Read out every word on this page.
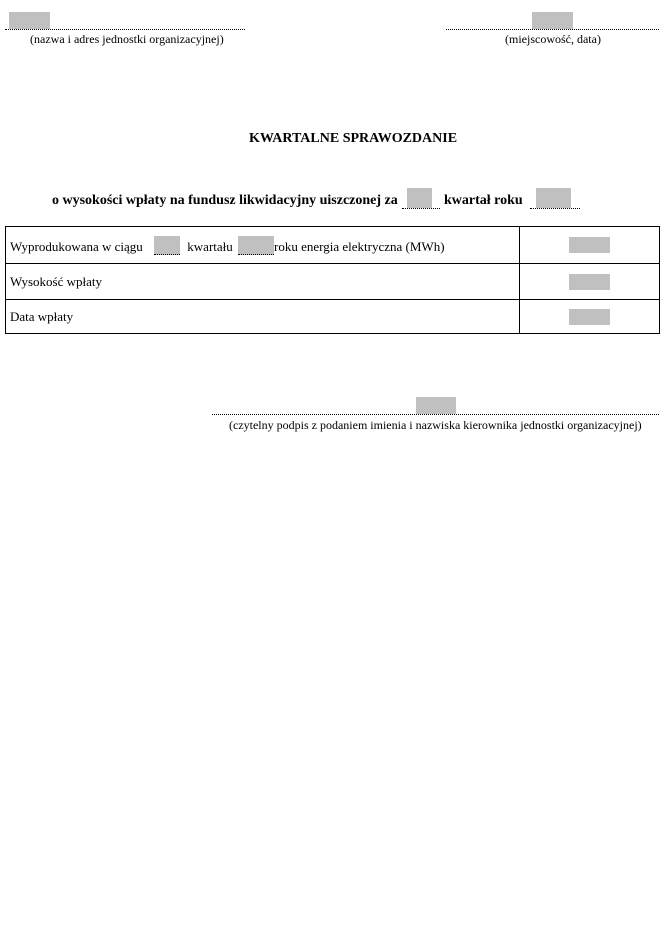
(nazwa i adres jednostki organizacyjnej)	(miejscowość, data)
KWARTALNE SPRAWOZDANIE
o wysokości wpłaty na fundusz likwidacyjny uiszczonej za	kwartał roku
Wyprodukowana w ciągu kwartału roku energia elektryczna (MWh)	

Wysokość wpłaty	

Data wpłaty	
(czytelny podpis z podaniem imienia i nazwiska kierownika jednostki organizacyjnej)
